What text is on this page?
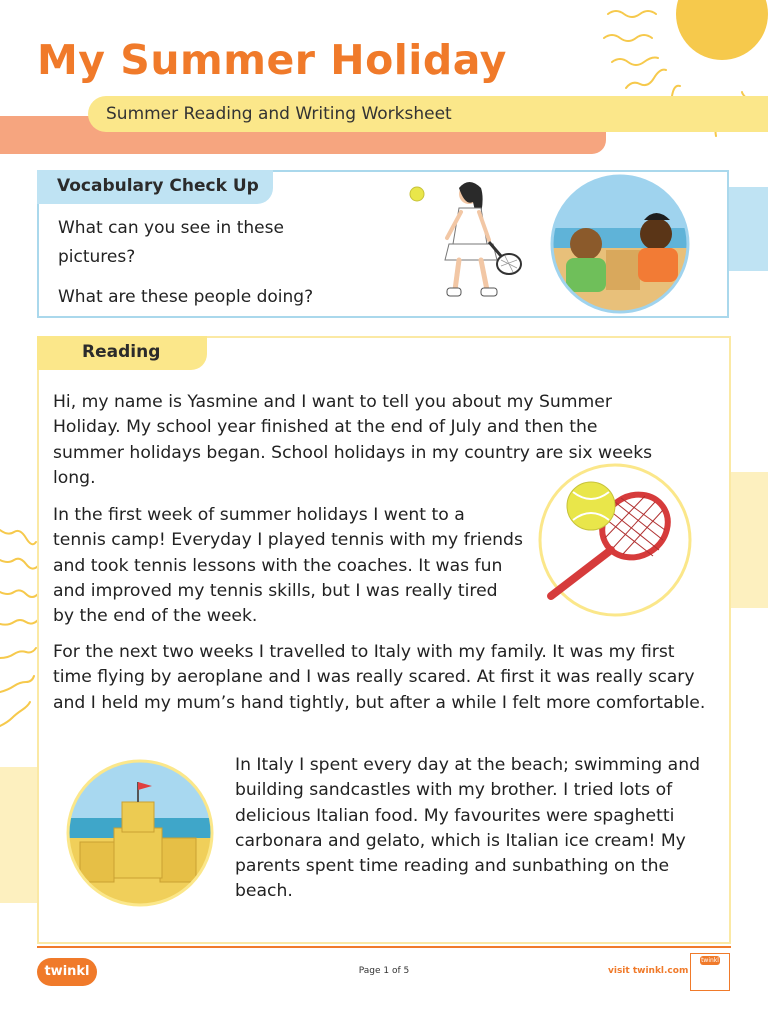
My Summer Holiday
Summer Reading and Writing Worksheet
Vocabulary Check Up
What can you see in these pictures?
What are these people doing?
Reading

Hi, my name is Yasmine and I want to tell you about my Summer Holiday. My school year finished at the end of July and then the summer holidays began. School holidays in my country are six weeks long.

In the first week of summer holidays I went to a tennis camp! Everyday I played tennis with my friends and took tennis lessons with the coaches. It was fun and improved my tennis skills, but I was really tired by the end of the week.

For the next two weeks I travelled to Italy with my family. It was my first time flying by aeroplane and I was really scared. At first it was really scary and I held my mum’s hand tightly, but after a while I felt more comfortable.

In Italy I spent every day at the beach; swimming and building sandcastles with my brother. I tried lots of delicious Italian food. My favourites were spaghetti carbonara and gelato, which is Italian ice cream! My parents spent time reading and sunbathing on the beach.

twinkl	Page 1 of 5	visit twinkl.com
twinkl
